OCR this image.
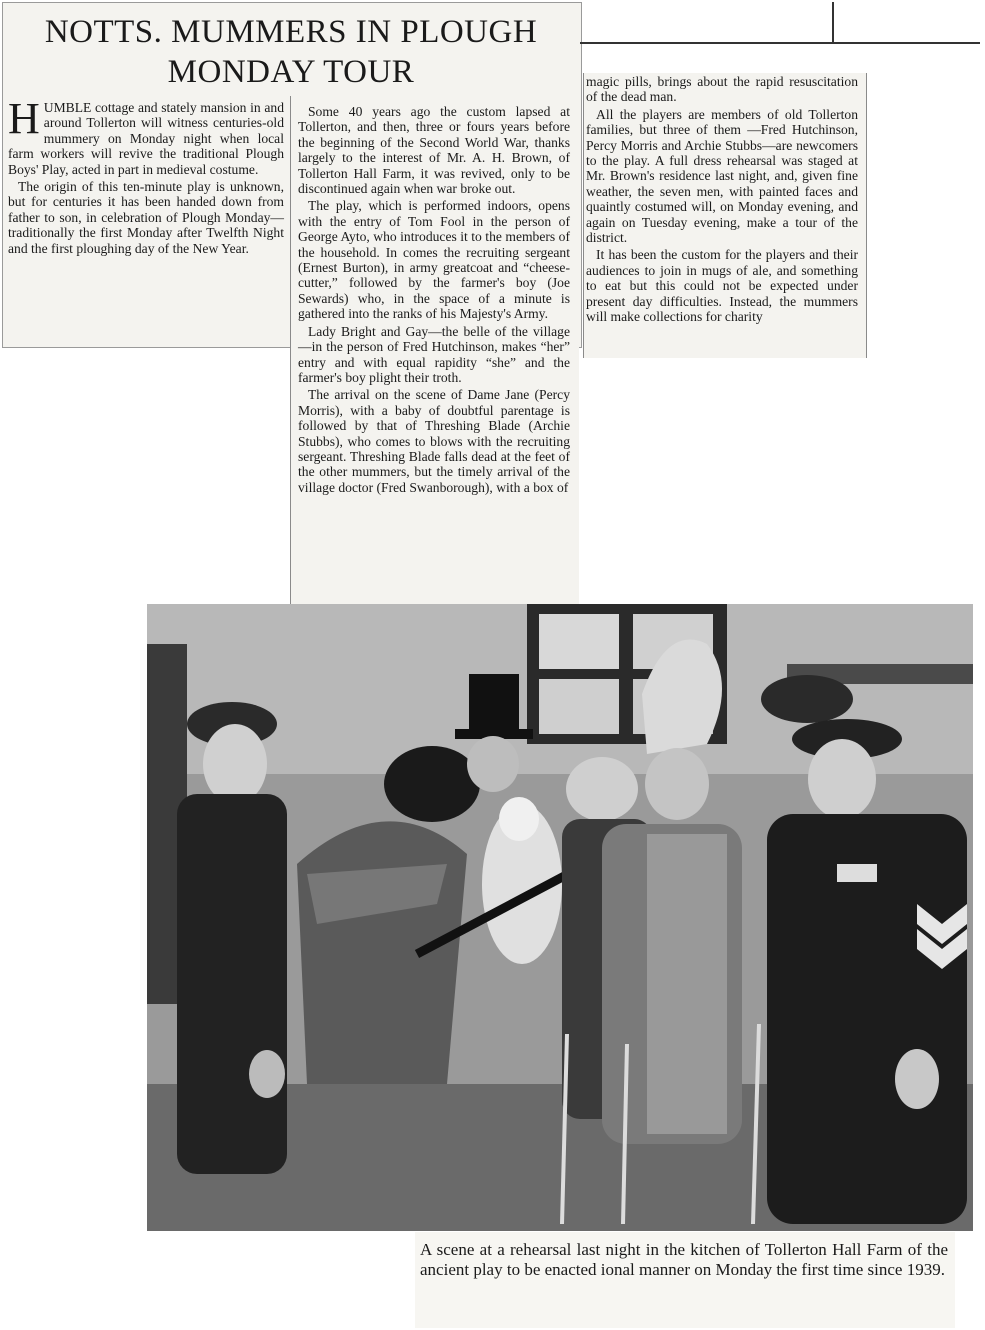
NOTTS. MUMMERS IN PLOUGH
MONDAY TOUR

HUMBLE cottage and stately mansion in and around Tollerton will witness centuries-old mummery on Monday night when local farm workers will revive the traditional Plough Boys' Play, acted in part in medieval costume.

The origin of this ten-minute play is unknown, but for centuries it has been handed down from father to son, in celebration of Plough Monday—traditionally the first Monday after Twelfth Night and the first ploughing day of the New Year.

Some 40 years ago the custom lapsed at Tollerton, and then, three or fours years before the beginning of the Second World War, thanks largely to the interest of Mr. A. H. Brown, of Tollerton Hall Farm, it was revived, only to be discontinued again when war broke out.

The play, which is performed indoors, opens with the entry of Tom Fool in the person of George Ayto, who introduces it to the members of the household. In comes the recruiting sergeant (Ernest Burton), in army greatcoat and “cheese-cutter,” followed by the farmer's boy (Joe Sewards) who, in the space of a minute is gathered into the ranks of his Majesty's Army.

Lady Bright and Gay—the belle of the village—in the person of Fred Hutchinson, makes “her” entry and with equal rapidity “she” and the farmer's boy plight their troth.

The arrival on the scene of Dame Jane (Percy Morris), with a baby of doubtful parentage is followed by that of Threshing Blade (Archie Stubbs), who comes to blows with the recruiting sergeant. Threshing Blade falls dead at the feet of the other mummers, but the timely arrival of the village doctor (Fred Swanborough), with a box of

magic pills, brings about the rapid resuscitation of the dead man.

All the players are members of old Tollerton families, but three of them —Fred Hutchinson, Percy Morris and Archie Stubbs—are newcomers to the play. A full dress rehearsal was staged at Mr. Brown's residence last night, and, given fine weather, the seven men, with painted faces and quaintly costumed will, on Monday evening, and again on Tuesday evening, make a tour of the district.

It has been the custom for the players and their audiences to join in mugs of ale, and something to eat but this could not be expected under present day difficulties. Instead, the mummers will make collections for charity

A scene at a rehearsal last night in the kitchen of Tollerton Hall Farm of the ancient play to be enacted ional manner on Monday the first time since 1939.
